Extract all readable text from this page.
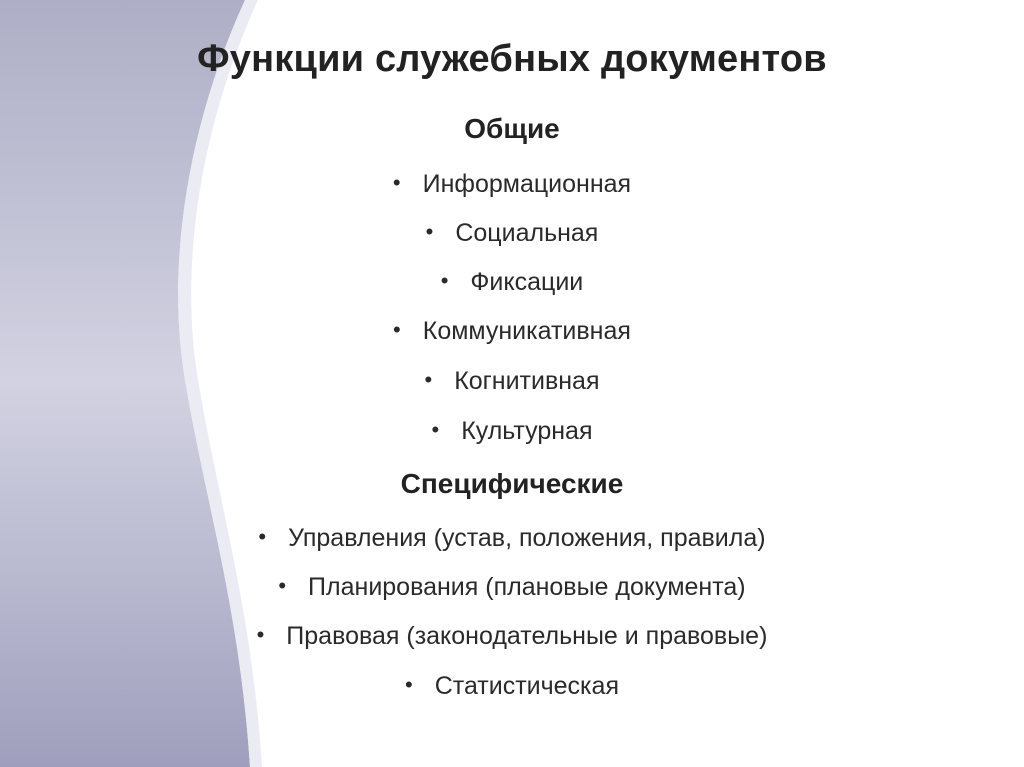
Функции служебных документов
Общие
• Информационная
• Социальная
• Фиксации
• Коммуникативная
• Когнитивная
• Культурная
Специфические
• Управления (устав, положения, правила)
• Планирования (плановые документа)
• Правовая (законодательные и правовые)
• Статистическая
